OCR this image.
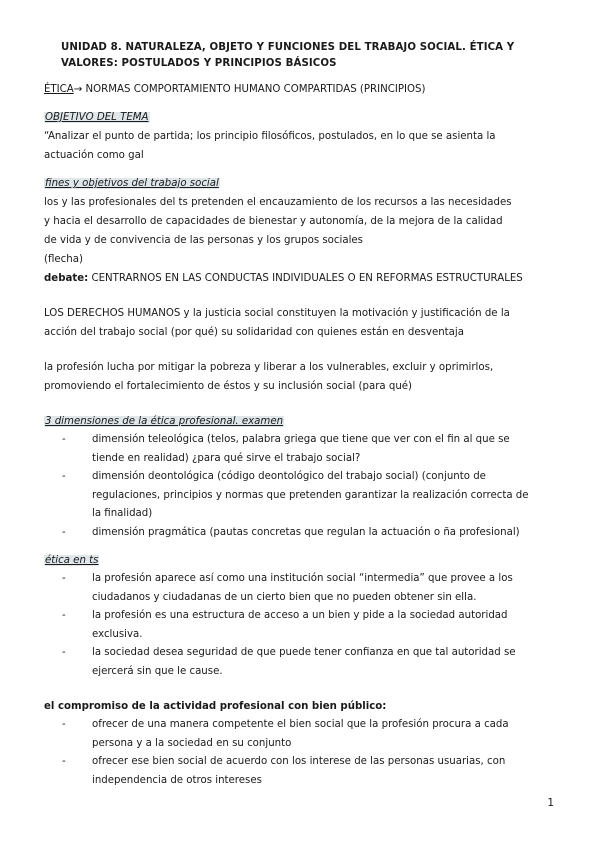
UNIDAD 8. NATURALEZA, OBJETO Y FUNCIONES DEL TRABAJO SOCIAL. ÉTICA Y
VALORES: POSTULADOS Y PRINCIPIOS BÁSICOS

ÉTICA→ NORMAS COMPORTAMIENTO HUMANO COMPARTIDAS (PRINCIPIOS)

OBJETIVO DEL TEMA

“Analizar el punto de partida; los principio filosóficos, postulados, en lo que se asienta la

actuación como gal

fines y objetivos del trabajo social

los y las profesionales del ts pretenden el encauzamiento de los recursos a las necesidades

y hacia el desarrollo de capacidades de bienestar y autonomía, de la mejora de la calidad

de vida y de convivencia de las personas y los grupos sociales

(flecha)

debate: CENTRARNOS EN LAS CONDUCTAS INDIVIDUALES O EN REFORMAS ESTRUCTURALES

LOS DERECHOS HUMANOS y la justicia social constituyen la motivación y justificación de la

acción del trabajo social (por qué) su solidaridad con quienes están en desventaja

la profesión lucha por mitigar la pobreza y liberar a los vulnerables, excluir y oprimirlos,

promoviendo el fortalecimiento de éstos y su inclusión social (para qué)

3 dimensiones de la ética profesional. examen

- dimensión teleológica (telos, palabra griega que tiene que ver con el fin al que se
tiende en realidad) ¿para qué sirve el trabajo social?
- dimensión deontológica (código deontológico del trabajo social) (conjunto de
regulaciones, principios y normas que pretenden garantizar la realización correcta de
la finalidad)
- dimensión pragmática (pautas concretas que regulan la actuación o ña profesional)

ética en ts

- la profesión aparece así como una institución social “intermedia” que provee a los
ciudadanos y ciudadanas de un cierto bien que no pueden obtener sin ella.
- la profesión es una estructura de acceso a un bien y pide a la sociedad autoridad
exclusiva.
- la sociedad desea seguridad de que puede tener confianza en que tal autoridad se
ejercerá sin que le cause.

el compromiso de la actividad profesional con bien público:

- ofrecer de una manera competente el bien social que la profesión procura a cada
persona y a la sociedad en su conjunto
- ofrecer ese bien social de acuerdo con los interese de las personas usuarias, con
independencia de otros intereses
1
